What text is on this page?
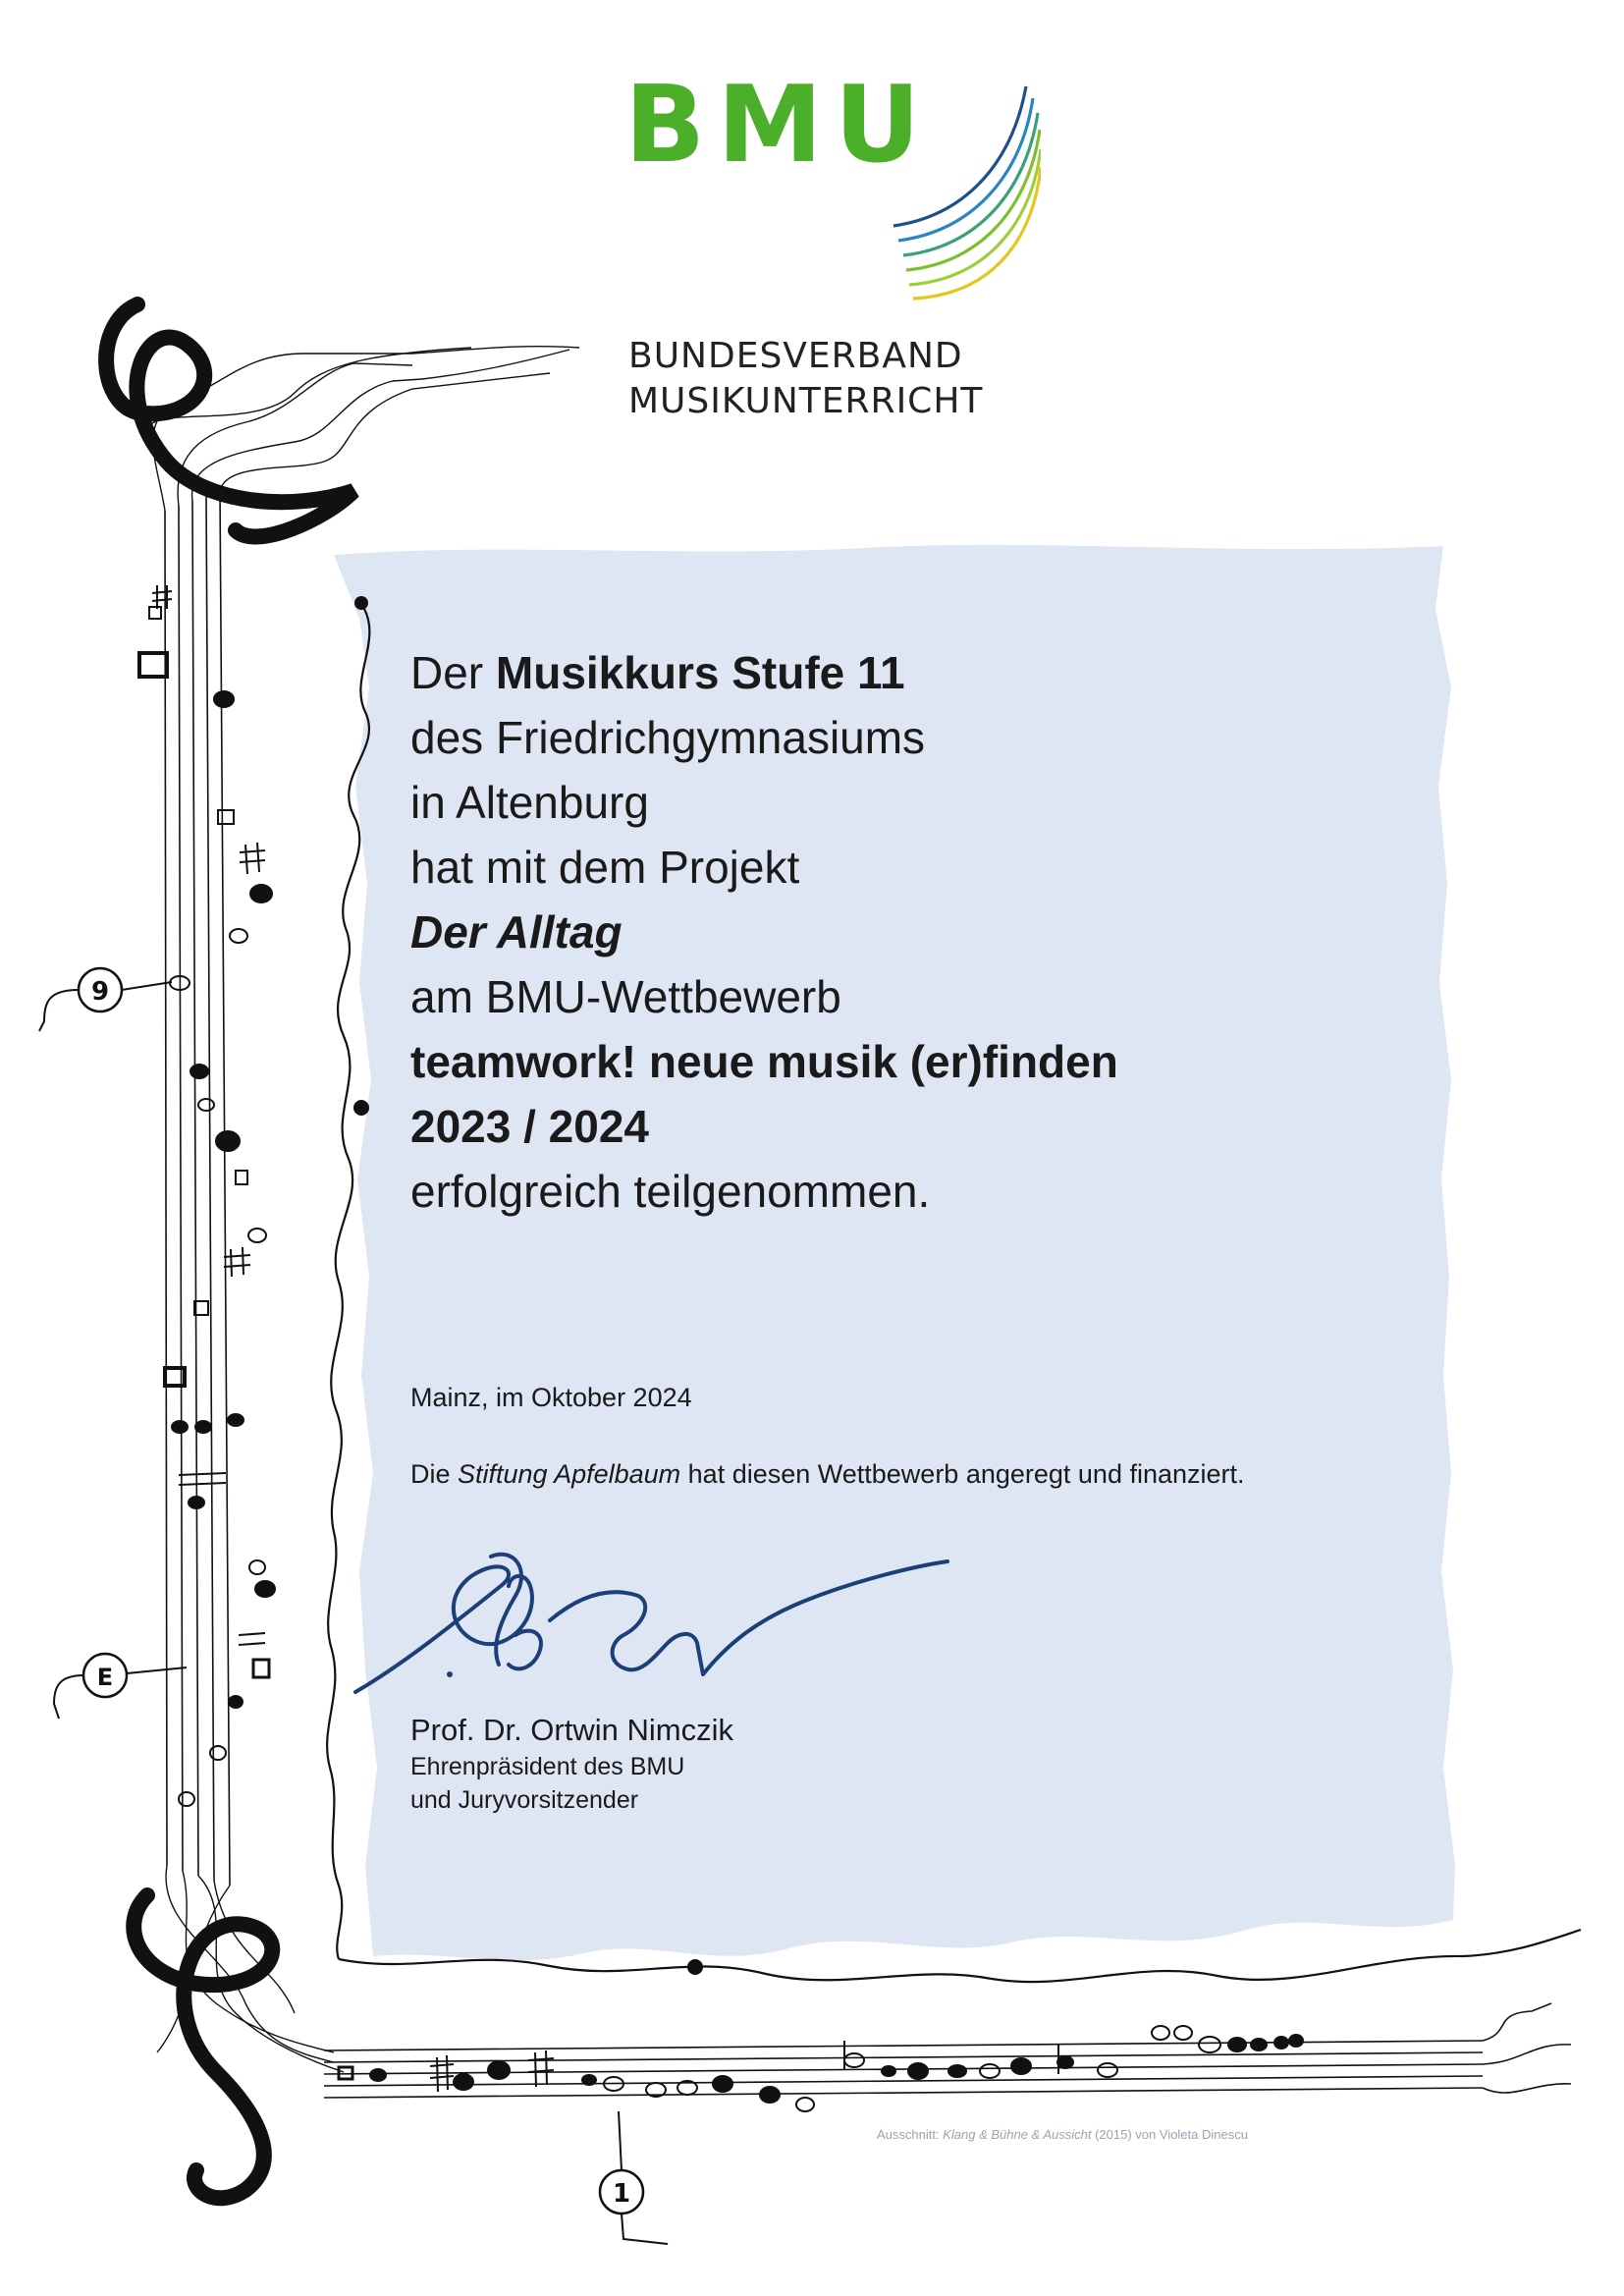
9
E
1
BMU
BUNDESVERBAND
MUSIKUNTERRICHT
Der Musikkurs Stufe 11
des Friedrichgymnasiums
in Altenburg
hat mit dem Projekt
Der Alltag
am BMU-Wettbewerb
teamwork! neue musik (er)finden
2023 / 2024
erfolgreich teilgenommen.
Mainz, im Oktober 2024
Die Stiftung Apfelbaum hat diesen Wettbewerb angeregt und finanziert.
Prof. Dr. Ortwin Nimczik
Ehrenpräsident des BMU
und Juryvorsitzender
Ausschnitt: Klang & Bühne & Aussicht (2015) von Violeta Dinescu
